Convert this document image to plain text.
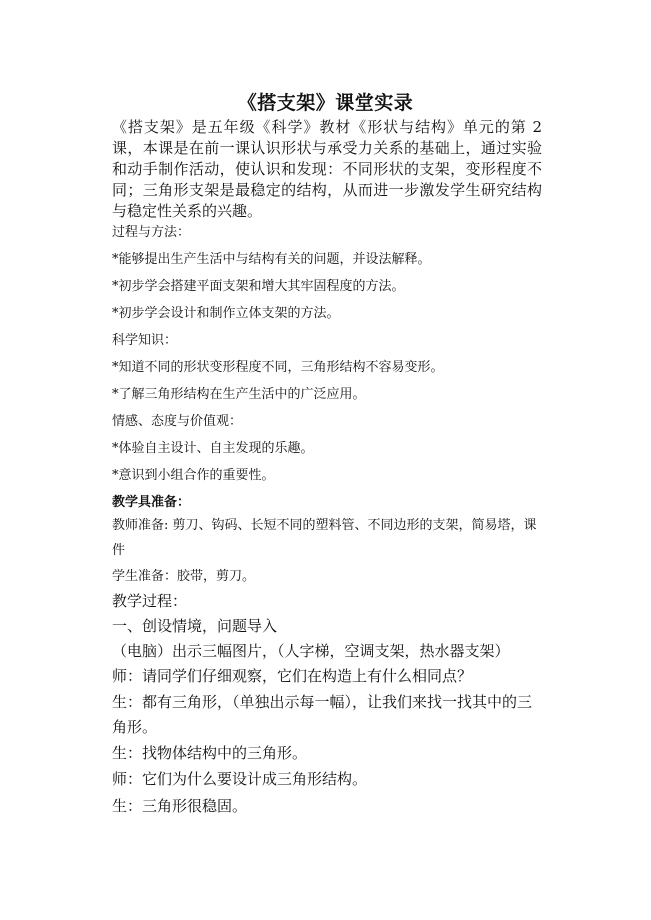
《搭支架》课堂实录
《搭支架》是五年级《科学》教材《形状与结构》单元的第 2 课，本课是在前一课认识形状与承受力关系的基础上，通过实验和动手制作活动，使认识和发现：不同形状的支架，变形程度不同；三角形支架是最稳定的结构，从而进一步激发学生研究结构与稳定性关系的兴趣。
过程与方法：
*能够提出生产生活中与结构有关的问题，并设法解释。
*初步学会搭建平面支架和增大其牢固程度的方法。
*初步学会设计和制作立体支架的方法。
科学知识：
*知道不同的形状变形程度不同，三角形结构不容易变形。
*了解三角形结构在生产生活中的广泛应用。
情感、态度与价值观：
*体验自主设计、自主发现的乐趣。
*意识到小组合作的重要性。
教学具准备：
教师准备: 剪刀、钩码、长短不同的塑料管、不同边形的支架，简易塔，课件
学生准备：胶带，剪刀。
教学过程：
一、创设情境，问题导入
（电脑）出示三幅图片，（人字梯，空调支架，热水器支架）
师：请同学们仔细观察，它们在构造上有什么相同点？
生：都有三角形，（单独出示每一幅），让我们来找一找其中的三角形。
生：找物体结构中的三角形。
师：它们为什么要设计成三角形结构。
生：三角形很稳固。
